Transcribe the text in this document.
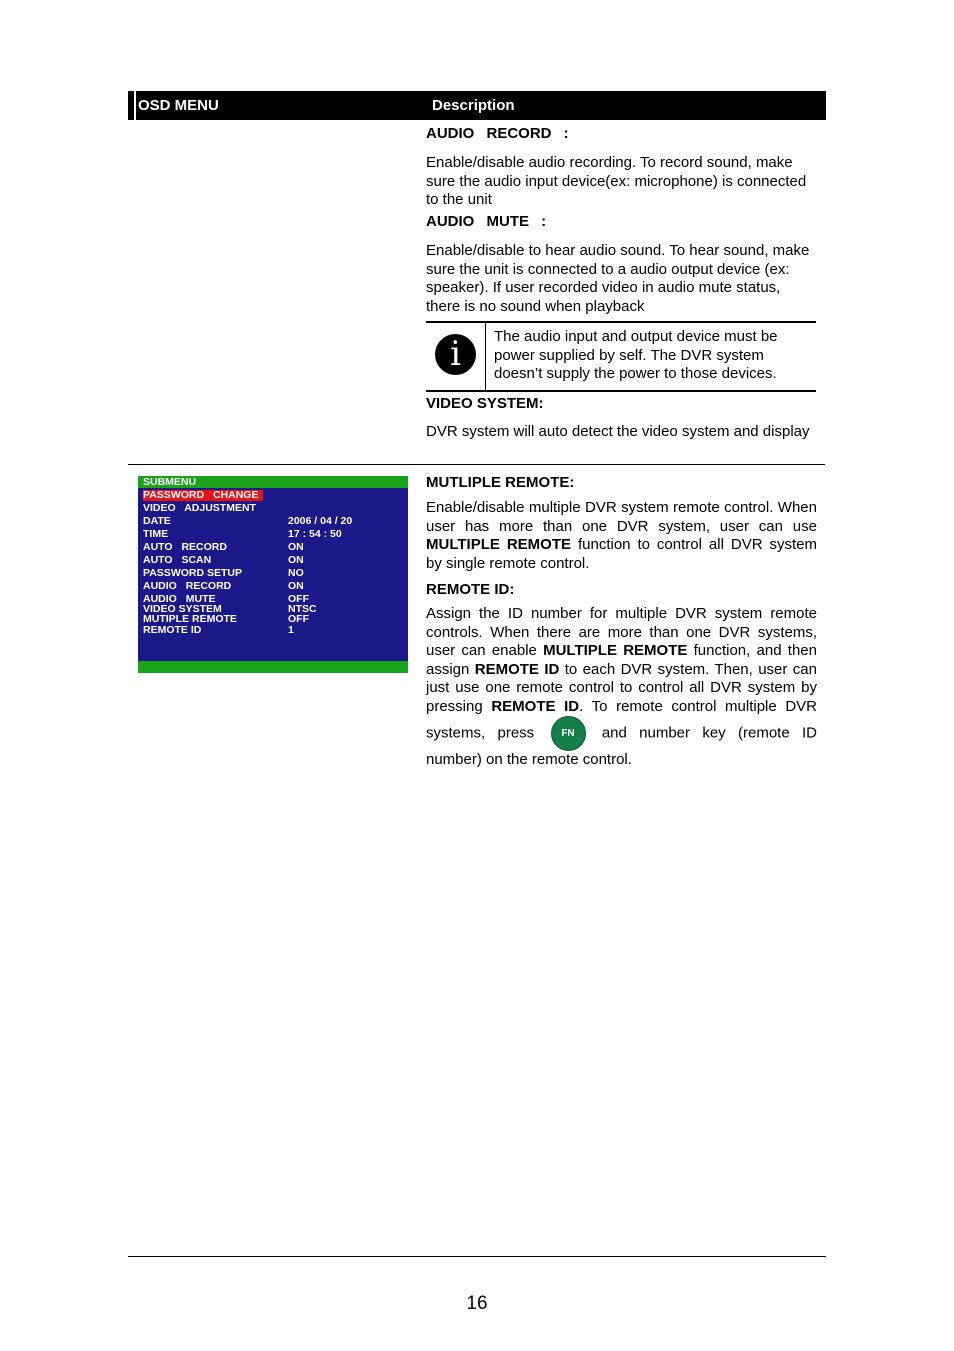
OSD MENU	Description
AUDIO RECORD :

Enable/disable audio recording. To record sound, make sure the audio input device(ex: microphone) is connected to the unit

AUDIO MUTE :

Enable/disable to hear audio sound. To hear sound, make sure the unit is connected to a audio output device (ex: speaker). If user recorded video in audio mute status, there is no sound when playback

i	The audio input and output device must be power supplied by self. The DVR system doesn’t supply the power to those devices.
VIDEO SYSTEM:

DVR system will auto detect the video system and display

SUBMENU
PASSWORD CHANGE
VIDEO ADJUSTMENT
DATE	2006 / 04 / 20
TIME	17 : 54 : 50
AUTO RECORD	ON
AUTO SCAN	ON
PASSWORD SETUP	NO
AUDIO RECORD	ON
AUDIO MUTE	OFF
VIDEO SYSTEM	NTSC
MUTIPLE REMOTE	OFF
REMOTE ID	1
MUTLIPLE REMOTE:

Enable/disable multiple DVR system remote control. When user has more than one DVR system, user can use MULTIPLE REMOTE function to control all DVR system by single remote control.

REMOTE ID:

Assign the ID number for multiple DVR system remote controls. When there are more than one DVR systems, user can enable MULTIPLE REMOTE function, and then assign REMOTE ID to each DVR system. Then, user can just use one remote control to control all DVR system by pressing REMOTE ID. To remote control multiple DVR systems, press FN and number key (remote ID number) on the remote control.

16
